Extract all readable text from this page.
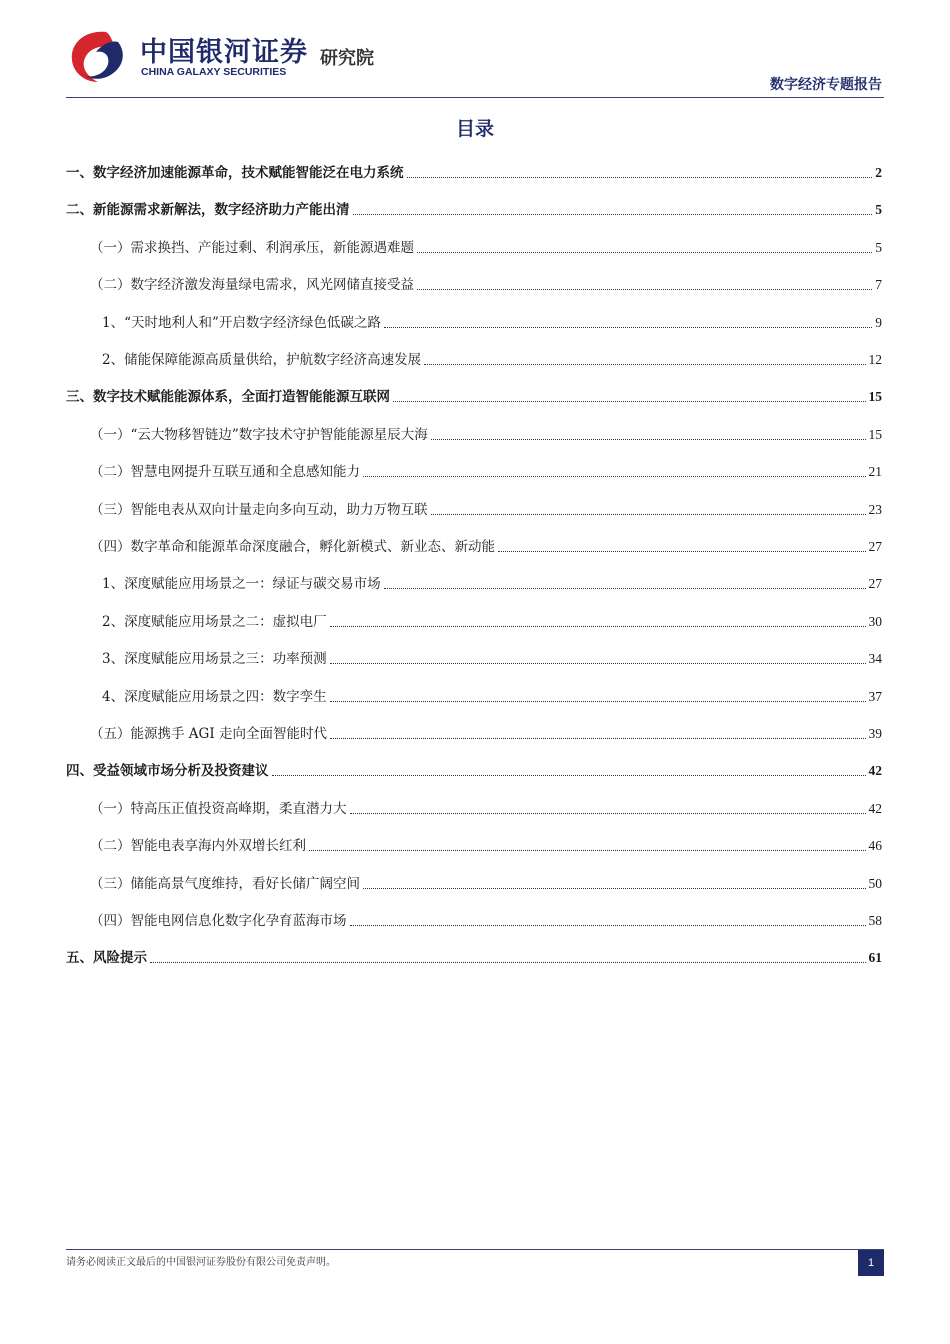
中国银河证券
CHINA GALAXY SECURITIES
研究院
数字经济专题报告
目录
一、数字经济加速能源革命，技术赋能智能泛在电力系统	2
二、新能源需求新解法，数字经济助力产能出清	5
（一）需求换挡、产能过剩、利润承压，新能源遇难题	5
（二）数字经济激发海量绿电需求，风光网储直接受益	7
1、“天时地利人和”开启数字经济绿色低碳之路	9
2、储能保障能源高质量供给，护航数字经济高速发展	12
三、数字技术赋能能源体系，全面打造智能能源互联网	15
（一）“云大物移智链边”数字技术守护智能能源星辰大海	15
（二）智慧电网提升互联互通和全息感知能力	21
（三）智能电表从双向计量走向多向互动，助力万物互联	23
（四）数字革命和能源革命深度融合，孵化新模式、新业态、新动能	27
1、深度赋能应用场景之一：绿证与碳交易市场	27
2、深度赋能应用场景之二：虚拟电厂	30
3、深度赋能应用场景之三：功率预测	34
4、深度赋能应用场景之四：数字孪生	37
（五）能源携手 AGI 走向全面智能时代	39
四、受益领域市场分析及投资建议	42
（一）特高压正值投资高峰期，柔直潜力大	42
（二）智能电表享海内外双增长红利	46
（三）储能高景气度维持，看好长储广阔空间	50
（四）智能电网信息化数字化孕育蓝海市场	58
五、风险提示	61
请务必阅读正文最后的中国银河证券股份有限公司免责声明。	1
